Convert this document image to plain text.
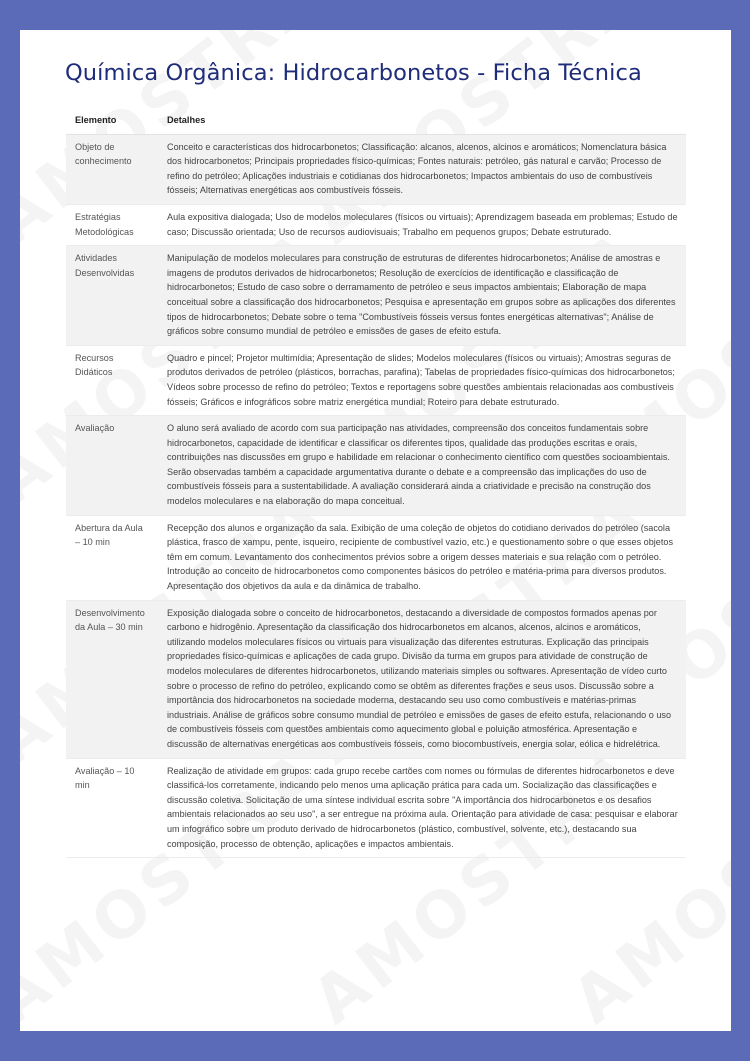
Química Orgânica: Hidrocarbonetos - Ficha Técnica
Elemento	Detalhes
Objeto de conhecimento	Conceito e características dos hidrocarbonetos; Classificação: alcanos, alcenos, alcinos e aromáticos; Nomenclatura básica dos hidrocarbonetos; Principais propriedades físico-químicas; Fontes naturais: petróleo, gás natural e carvão; Processo de refino do petróleo; Aplicações industriais e cotidianas dos hidrocarbonetos; Impactos ambientais do uso de combustíveis fósseis; Alternativas energéticas aos combustíveis fósseis.
Estratégias Metodológicas	Aula expositiva dialogada; Uso de modelos moleculares (físicos ou virtuais); Aprendizagem baseada em problemas; Estudo de caso; Discussão orientada; Uso de recursos audiovisuais; Trabalho em pequenos grupos; Debate estruturado.
Atividades Desenvolvidas	Manipulação de modelos moleculares para construção de estruturas de diferentes hidrocarbonetos; Análise de amostras e imagens de produtos derivados de hidrocarbonetos; Resolução de exercícios de identificação e classificação de hidrocarbonetos; Estudo de caso sobre o derramamento de petróleo e seus impactos ambientais; Elaboração de mapa conceitual sobre a classificação dos hidrocarbonetos; Pesquisa e apresentação em grupos sobre as aplicações dos diferentes tipos de hidrocarbonetos; Debate sobre o tema "Combustíveis fósseis versus fontes energéticas alternativas"; Análise de gráficos sobre consumo mundial de petróleo e emissões de gases de efeito estufa.
Recursos Didáticos	Quadro e pincel; Projetor multimídia; Apresentação de slides; Modelos moleculares (físicos ou virtuais); Amostras seguras de produtos derivados de petróleo (plásticos, borrachas, parafina); Tabelas de propriedades físico-químicas dos hidrocarbonetos; Vídeos sobre processo de refino do petróleo; Textos e reportagens sobre questões ambientais relacionadas aos combustíveis fósseis; Gráficos e infográficos sobre matriz energética mundial; Roteiro para debate estruturado.
Avaliação	O aluno será avaliado de acordo com sua participação nas atividades, compreensão dos conceitos fundamentais sobre hidrocarbonetos, capacidade de identificar e classificar os diferentes tipos, qualidade das produções escritas e orais, contribuições nas discussões em grupo e habilidade em relacionar o conhecimento científico com questões socioambientais. Serão observadas também a capacidade argumentativa durante o debate e a compreensão das implicações do uso de combustíveis fósseis para a sustentabilidade. A avaliação considerará ainda a criatividade e precisão na construção dos modelos moleculares e na elaboração do mapa conceitual.
Abertura da Aula – 10 min	Recepção dos alunos e organização da sala. Exibição de uma coleção de objetos do cotidiano derivados do petróleo (sacola plástica, frasco de xampu, pente, isqueiro, recipiente de combustível vazio, etc.) e questionamento sobre o que esses objetos têm em comum. Levantamento dos conhecimentos prévios sobre a origem desses materiais e sua relação com o petróleo. Introdução ao conceito de hidrocarbonetos como componentes básicos do petróleo e matéria-prima para diversos produtos. Apresentação dos objetivos da aula e da dinâmica de trabalho.
Desenvolvimento da Aula – 30 min	Exposição dialogada sobre o conceito de hidrocarbonetos, destacando a diversidade de compostos formados apenas por carbono e hidrogênio. Apresentação da classificação dos hidrocarbonetos em alcanos, alcenos, alcinos e aromáticos, utilizando modelos moleculares físicos ou virtuais para visualização das diferentes estruturas. Explicação das principais propriedades físico-químicas e aplicações de cada grupo. Divisão da turma em grupos para atividade de construção de modelos moleculares de diferentes hidrocarbonetos, utilizando materiais simples ou softwares. Apresentação de vídeo curto sobre o processo de refino do petróleo, explicando como se obtêm as diferentes frações e seus usos. Discussão sobre a importância dos hidrocarbonetos na sociedade moderna, destacando seu uso como combustíveis e matérias-primas industriais. Análise de gráficos sobre consumo mundial de petróleo e emissões de gases de efeito estufa, relacionando o uso de combustíveis fósseis com questões ambientais como aquecimento global e poluição atmosférica. Apresentação e discussão de alternativas energéticas aos combustíveis fósseis, como biocombustíveis, energia solar, eólica e hidrelétrica.
Avaliação – 10 min	Realização de atividade em grupos: cada grupo recebe cartões com nomes ou fórmulas de diferentes hidrocarbonetos e deve classificá-los corretamente, indicando pelo menos uma aplicação prática para cada um. Socialização das classificações e discussão coletiva. Solicitação de uma síntese individual escrita sobre "A importância dos hidrocarbonetos e os desafios ambientais relacionados ao seu uso", a ser entregue na próxima aula. Orientação para atividade de casa: pesquisar e elaborar um infográfico sobre um produto derivado de hidrocarbonetos (plástico, combustível, solvente, etc.), destacando sua composição, processo de obtenção, aplicações e impactos ambientais.
